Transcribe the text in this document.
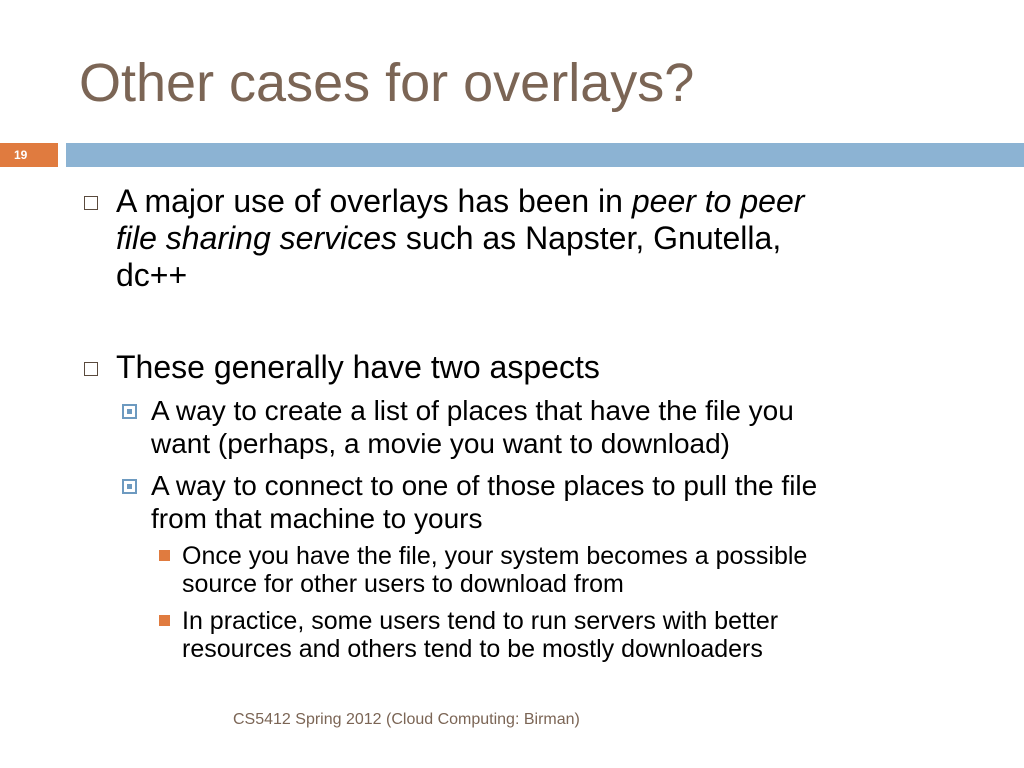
Other cases for overlays?
19
A major use of overlays has been in peer to peer
file sharing services such as Napster, Gnutella,
dc++
These generally have two aspects
A way to create a list of places that have the file you
want (perhaps, a movie you want to download)
A way to connect to one of those places to pull the file
from that machine to yours
Once you have the file, your system becomes a possible
source for other users to download from
In practice, some users tend to run servers with better
resources and others tend to be mostly downloaders
CS5412 Spring 2012 (Cloud Computing: Birman)
